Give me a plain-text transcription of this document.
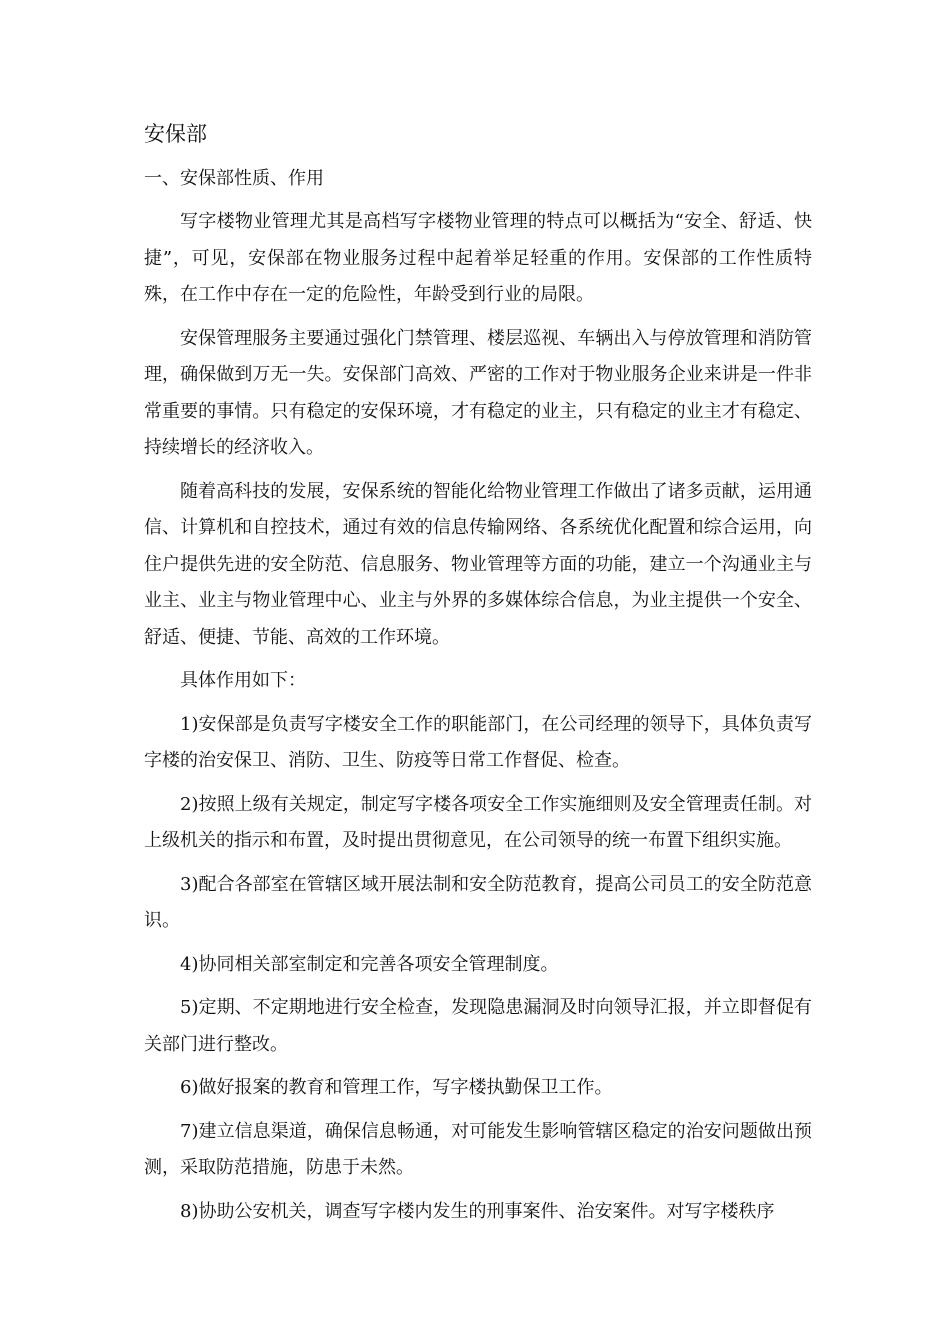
安保部

一、安保部性质、作用

写字楼物业管理尤其是高档写字楼物业管理的特点可以概括为“安全、舒适、快捷”，可见，安保部在物业服务过程中起着举足轻重的作用。安保部的工作性质特殊，在工作中存在一定的危险性，年龄受到行业的局限。

安保管理服务主要通过强化门禁管理、楼层巡视、车辆出入与停放管理和消防管理，确保做到万无一失。安保部门高效、严密的工作对于物业服务企业来讲是一件非常重要的事情。只有稳定的安保环境，才有稳定的业主，只有稳定的业主才有稳定、持续增长的经济收入。

随着高科技的发展，安保系统的智能化给物业管理工作做出了诸多贡献，运用通信、计算机和自控技术，通过有效的信息传输网络、各系统优化配置和综合运用，向住户提供先进的安全防范、信息服务、物业管理等方面的功能，建立一个沟通业主与业主、业主与物业管理中心、业主与外界的多媒体综合信息，为业主提供一个安全、舒适、便捷、节能、高效的工作环境。

具体作用如下：

1)安保部是负责写字楼安全工作的职能部门，在公司经理的领导下，具体负责写字楼的治安保卫、消防、卫生、防疫等日常工作督促、检查。

2)按照上级有关规定，制定写字楼各项安全工作实施细则及安全管理责任制。对上级机关的指示和布置，及时提出贯彻意见，在公司领导的统一布置下组织实施。

3)配合各部室在管辖区域开展法制和安全防范教育，提高公司员工的安全防范意识。

4)协同相关部室制定和完善各项安全管理制度。

5)定期、不定期地进行安全检查，发现隐患漏洞及时向领导汇报，并立即督促有关部门进行整改。

6)做好报案的教育和管理工作，写字楼执勤保卫工作。

7)建立信息渠道，确保信息畅通，对可能发生影响管辖区稳定的治安问题做出预测，采取防范措施，防患于未然。

8)协助公安机关，调查写字楼内发生的刑事案件、治安案件。对写字楼秩序
